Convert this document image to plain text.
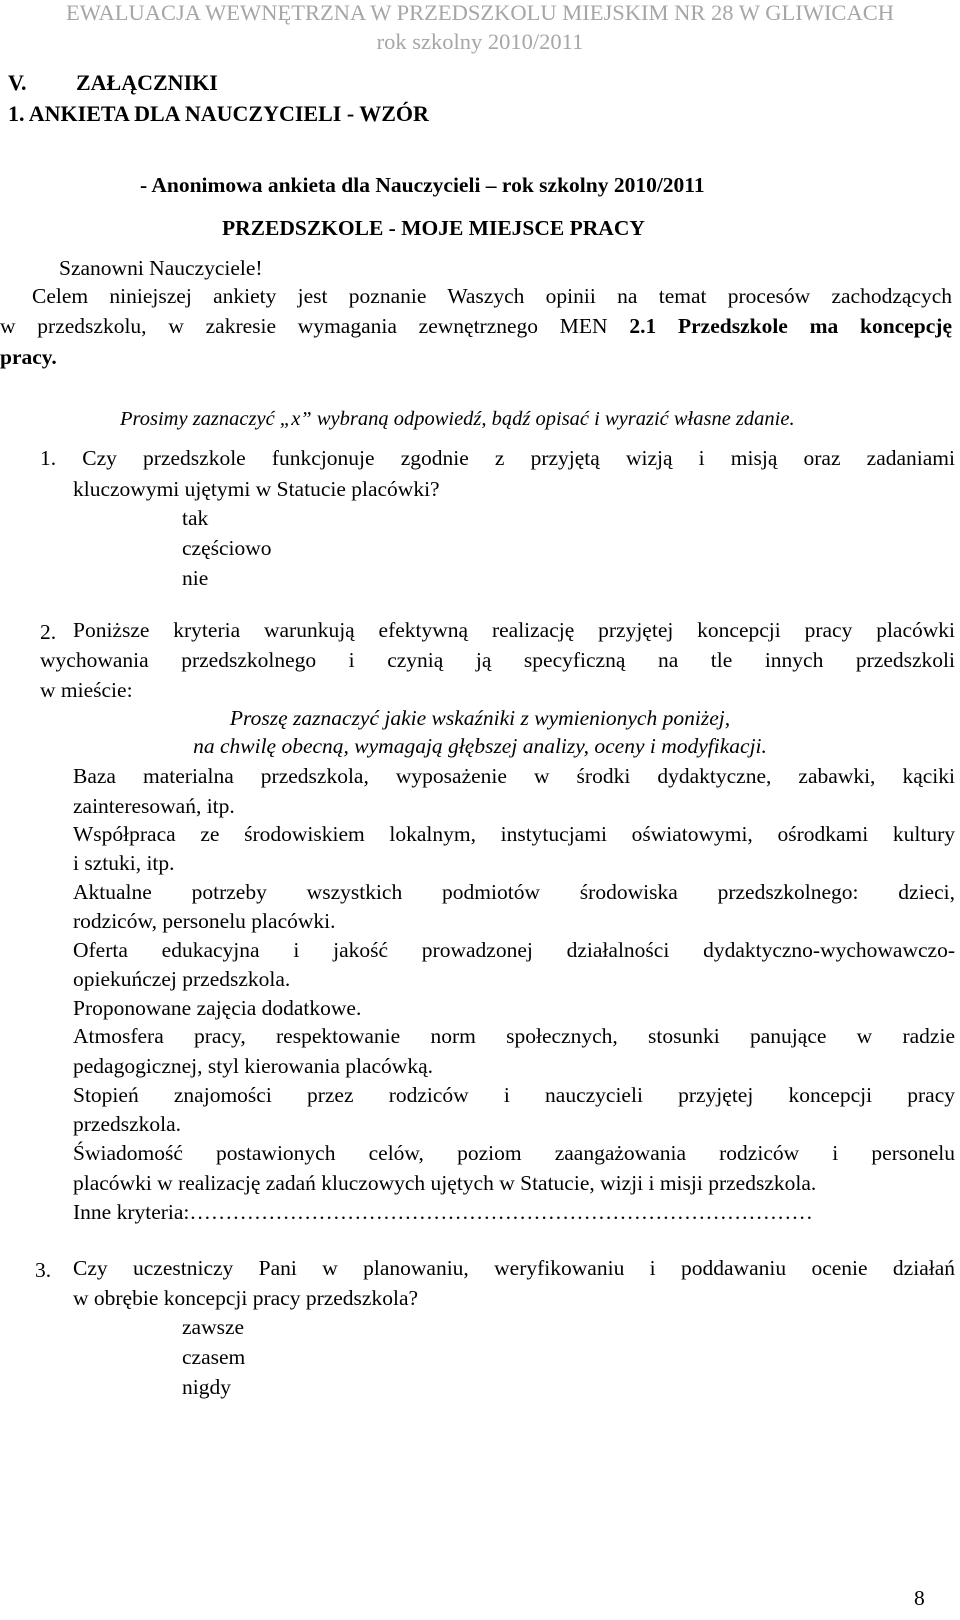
EWALUACJA WEWNĘTRZNA W PRZEDSZKOLU MIEJSKIM NR 28 W GLIWICACH
rok szkolny 2010/2011
V. ZAŁĄCZNIKI
1. ANKIETA DLA NAUCZYCIELI - WZÓR
- Anonimowa ankieta dla Nauczycieli – rok szkolny 2010/2011
PRZEDSZKOLE - MOJE MIEJSCE PRACY
Szanowni Nauczyciele!
Celem niniejszej ankiety jest poznanie Waszych opinii na temat procesów zachodzących
w przedszkolu, w zakresie wymagania zewnętrznego MEN 2.1 Przedszkole ma koncepcję
pracy.
Prosimy zaznaczyć „x” wybraną odpowiedź, bądź opisać i wyrazić własne zdanie.
1. Czy przedszkole funkcjonuje zgodnie z przyjętą wizją i misją oraz zadaniami
kluczowymi ujętymi w Statucie placówki?
tak
częściowo
nie
2. Poniższe kryteria warunkują efektywną realizację przyjętej koncepcji pracy placówki
wychowania przedszkolnego i czynią ją specyficzną na tle innych przedszkoli
w mieście:
Proszę zaznaczyć jakie wskaźniki z wymienionych poniżej,
na chwilę obecną, wymagają głębszej analizy, oceny i modyfikacji.
Baza materialna przedszkola, wyposażenie w środki dydaktyczne, zabawki, kąciki
zainteresowań, itp.
Współpraca ze środowiskiem lokalnym, instytucjami oświatowymi, ośrodkami kultury
i sztuki, itp.
Aktualne potrzeby wszystkich podmiotów środowiska przedszkolnego: dzieci,
rodziców, personelu placówki.
Oferta edukacyjna i jakość prowadzonej działalności dydaktyczno-wychowawczo-
opiekuńczej przedszkola.
Proponowane zajęcia dodatkowe.
Atmosfera pracy, respektowanie norm społecznych, stosunki panujące w radzie
pedagogicznej, styl kierowania placówką.
Stopień znajomości przez rodziców i nauczycieli przyjętej koncepcji pracy
przedszkola.
Świadomość postawionych celów, poziom zaangażowania rodziców i personelu
placówki w realizację zadań kluczowych ujętych w Statucie, wizji i misji przedszkola.
Inne kryteria:……………………………………………………………………………
3. Czy uczestniczy Pani w planowaniu, weryfikowaniu i poddawaniu ocenie działań
w obrębie koncepcji pracy przedszkola?
zawsze
czasem
nigdy
8
